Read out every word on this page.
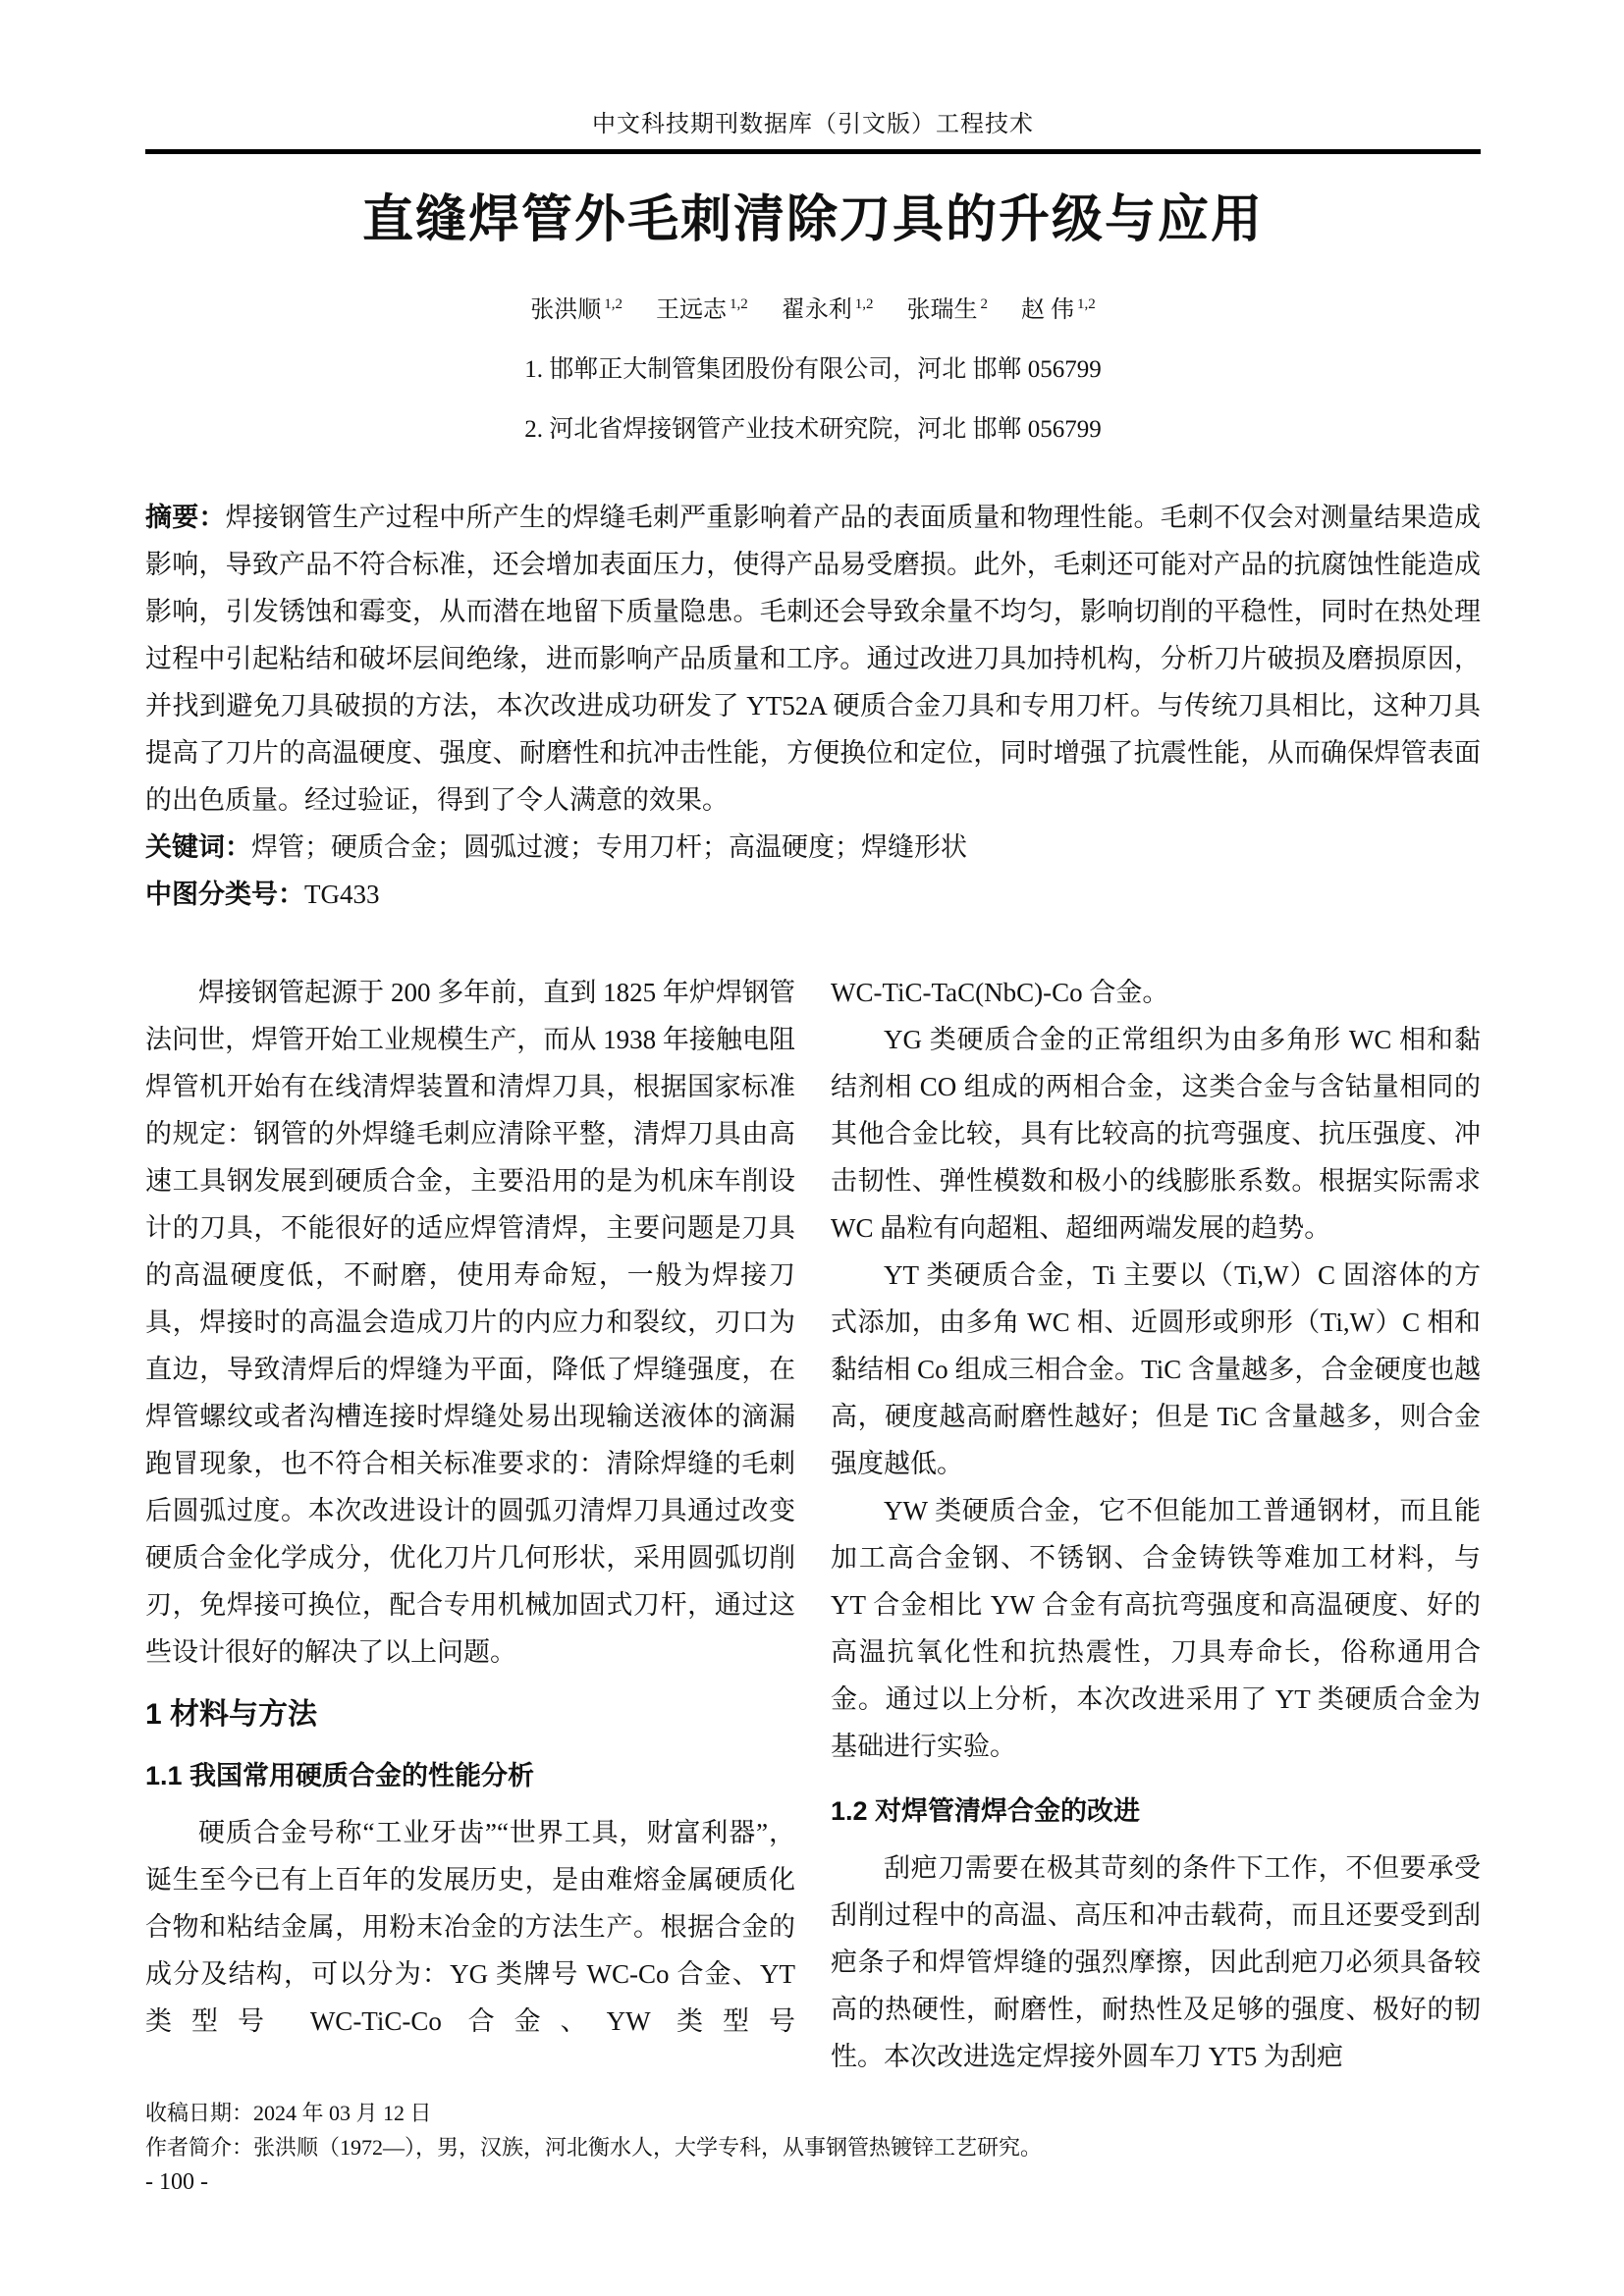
中文科技期刊数据库（引文版）工程技术
直缝焊管外毛刺清除刀具的升级与应用
张洪顺 $^{1,2}$ 王远志 $^{1,2}$ 翟永利 $^{1,2}$ 张瑞生 $^2$ 赵 伟 $^{1,2}$
1. 邯郸正大制管集团股份有限公司，河北 邯郸 056799
2. 河北省焊接钢管产业技术研究院，河北 邯郸 056799

摘要：焊接钢管生产过程中所产生的焊缝毛刺严重影响着产品的表面质量和物理性能。毛刺不仅会对测量结果造成影响，导致产品不符合标准，还会增加表面压力，使得产品易受磨损。此外，毛刺还可能对产品的抗腐蚀性能造成影响，引发锈蚀和霉变，从而潜在地留下质量隐患。毛刺还会导致余量不均匀，影响切削的平稳性，同时在热处理过程中引起粘结和破坏层间绝缘，进而影响产品质量和工序。通过改进刀具加持机构，分析刀片破损及磨损原因，并找到避免刀具破损的方法，本次改进成功研发了 YT52A 硬质合金刀具和专用刀杆。与传统刀具相比，这种刀具提高了刀片的高温硬度、强度、耐磨性和抗冲击性能，方便换位和定位，同时增强了抗震性能，从而确保焊管表面的出色质量。经过验证，得到了令人满意的效果。

关键词：焊管；硬质合金；圆弧过渡；专用刀杆；高温硬度；焊缝形状

中图分类号：TG433

焊接钢管起源于 200 多年前，直到 1825 年炉焊钢管法问世，焊管开始工业规模生产，而从 1938 年接触电阻焊管机开始有在线清焊装置和清焊刀具，根据国家标准的规定：钢管的外焊缝毛刺应清除平整，清焊刀具由高速工具钢发展到硬质合金，主要沿用的是为机床车削设计的刀具，不能很好的适应焊管清焊，主要问题是刀具的高温硬度低，不耐磨，使用寿命短，一般为焊接刀具，焊接时的高温会造成刀片的内应力和裂纹，刃口为直边，导致清焊后的焊缝为平面，降低了焊缝强度，在焊管螺纹或者沟槽连接时焊缝处易出现输送液体的滴漏跑冒现象，也不符合相关标准要求的：清除焊缝的毛刺后圆弧过度。本次改进设计的圆弧刃清焊刀具通过改变硬质合金化学成分，优化刀片几何形状，采用圆弧切削刃，免焊接可换位，配合专用机械加固式刀杆，通过这些设计很好的解决了以上问题。

1 材料与方法
1.1 我国常用硬质合金的性能分析

硬质合金号称“工业牙齿”“世界工具，财富利器”，诞生至今已有上百年的发展历史，是由难熔金属硬质化合物和粘结金属，用粉末冶金的方法生产。根据合金的成分及结构，可以分为：YG 类牌号 WC-Co 合金、YT 类型号 WC-TiC-Co 合金、YW 类型号

WC-TiC-TaC(NbC)-Co 合金。

YG 类硬质合金的正常组织为由多角形 WC 相和黏结剂相 CO 组成的两相合金，这类合金与含钴量相同的其他合金比较，具有比较高的抗弯强度、抗压强度、冲击韧性、弹性模数和极小的线膨胀系数。根据实际需求 WC 晶粒有向超粗、超细两端发展的趋势。

YT 类硬质合金，Ti 主要以（Ti,W）C 固溶体的方式添加，由多角 WC 相、近圆形或卵形（Ti,W）C 相和黏结相 Co 组成三相合金。TiC 含量越多，合金硬度也越高，硬度越高耐磨性越好；但是 TiC 含量越多，则合金强度越低。

YW 类硬质合金，它不但能加工普通钢材，而且能加工高合金钢、不锈钢、合金铸铁等难加工材料，与 YT 合金相比 YW 合金有高抗弯强度和高温硬度、好的高温抗氧化性和抗热震性，刀具寿命长，俗称通用合金。通过以上分析，本次改进采用了 YT 类硬质合金为基础进行实验。

1.2 对焊管清焊合金的改进

刮疤刀需要在极其苛刻的条件下工作，不但要承受刮削过程中的高温、高压和冲击载荷，而且还要受到刮疤条子和焊管焊缝的强烈摩擦，因此刮疤刀必须具备较高的热硬性，耐磨性，耐热性及足够的强度、极好的韧性。本次改进选定焊接外圆车刀 YT5 为刮疤

收稿日期：2024 年 03 月 12 日
作者简介：张洪顺（1972—），男，汉族，河北衡水人，大学专科，从事钢管热镀锌工艺研究。
- 100 -
